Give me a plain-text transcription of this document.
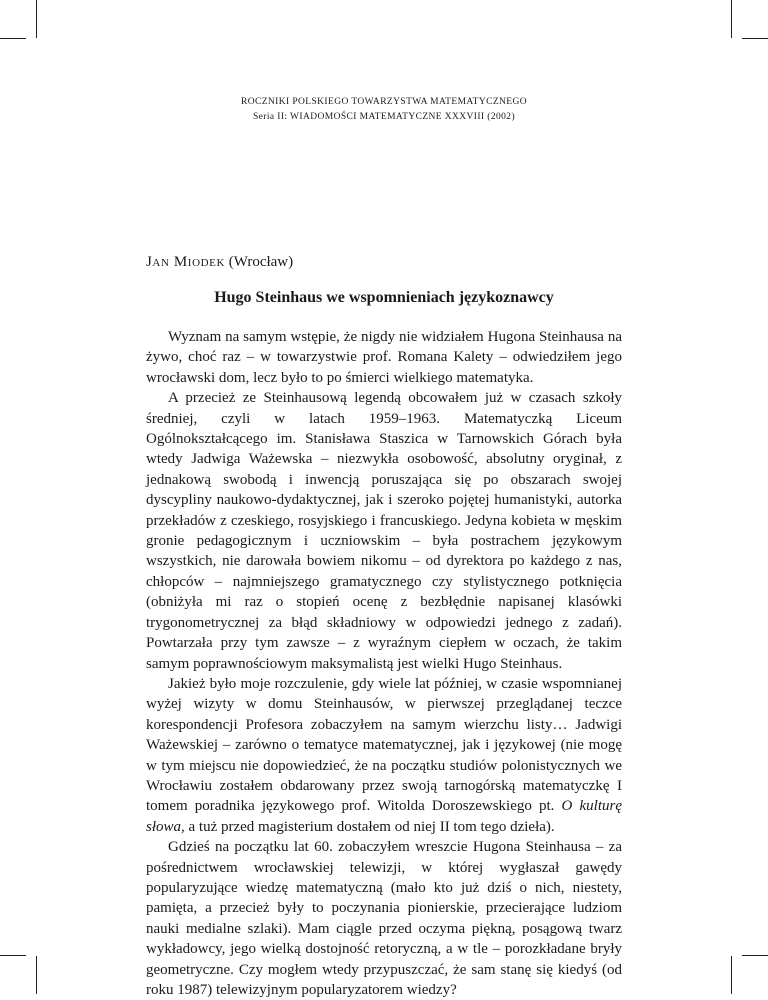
ROCZNIKI POLSKIEGO TOWARZYSTWA MATEMATYCZNEGO
Seria II: WIADOMOŚCI MATEMATYCZNE XXXVIII (2002)
Jan Miodek (Wrocław)
Hugo Steinhaus we wspomnieniach językoznawcy

Wyznam na samym wstępie, że nigdy nie widziałem Hugona Steinhausa na żywo, choć raz – w towarzystwie prof. Romana Kalety – odwiedziłem jego wrocławski dom, lecz było to po śmierci wielkiego matematyka.

A przecież ze Steinhausową legendą obcowałem już w czasach szkoły średniej, czyli w latach 1959–1963. Matematyczką Liceum Ogólnokształcącego im. Stanisława Staszica w Tarnowskich Górach była wtedy Jadwiga Ważewska – niezwykła osobowość, absolutny oryginał, z jednakową swobodą i inwencją poruszająca się po obszarach swojej dyscypliny naukowo-dydaktycznej, jak i szeroko pojętej humanistyki, autorka przekładów z czeskiego, rosyjskiego i francuskiego. Jedyna kobieta w męskim gronie pedagogicznym i uczniowskim – była postrachem językowym wszystkich, nie darowała bowiem nikomu – od dyrektora po każdego z nas, chłopców – najmniejszego gramatycznego czy stylistycznego potknięcia (obniżyła mi raz o stopień ocenę z bezbłędnie napisanej klasówki trygonometrycznej za błąd składniowy w odpowiedzi jednego z zadań). Powtarzała przy tym zawsze – z wyraźnym ciepłem w oczach, że takim samym poprawnościowym maksymalistą jest wielki Hugo Steinhaus.

Jakież było moje rozczulenie, gdy wiele lat później, w czasie wspomnianej wyżej wizyty w domu Steinhausów, w pierwszej przeglądanej teczce korespondencji Profesora zobaczyłem na samym wierzchu listy… Jadwigi Ważewskiej – zarówno o tematyce matematycznej, jak i językowej (nie mogę w tym miejscu nie dopowiedzieć, że na początku studiów polonistycznych we Wrocławiu zostałem obdarowany przez swoją tarnogórską matematyczkę I tomem poradnika językowego prof. Witolda Doroszewskiego pt. O kulturę słowa, a tuż przed magisterium dostałem od niej II tom tego dzieła).

Gdzieś na początku lat 60. zobaczyłem wreszcie Hugona Steinhausa – za pośrednictwem wrocławskiej telewizji, w której wygłaszał gawędy popularyzujące wiedzę matematyczną (mało kto już dziś o nich, niestety, pamięta, a przecież były to poczynania pionierskie, przecierające ludziom nauki medialne szlaki). Mam ciągle przed oczyma piękną, posągową twarz wykładowcy, jego wielką dostojność retoryczną, a w tle – porozkładane bryły geometryczne. Czy mogłem wtedy przypuszczać, że sam stanę się kiedyś (od roku 1987) telewizyjnym popularyzatorem wiedzy?
